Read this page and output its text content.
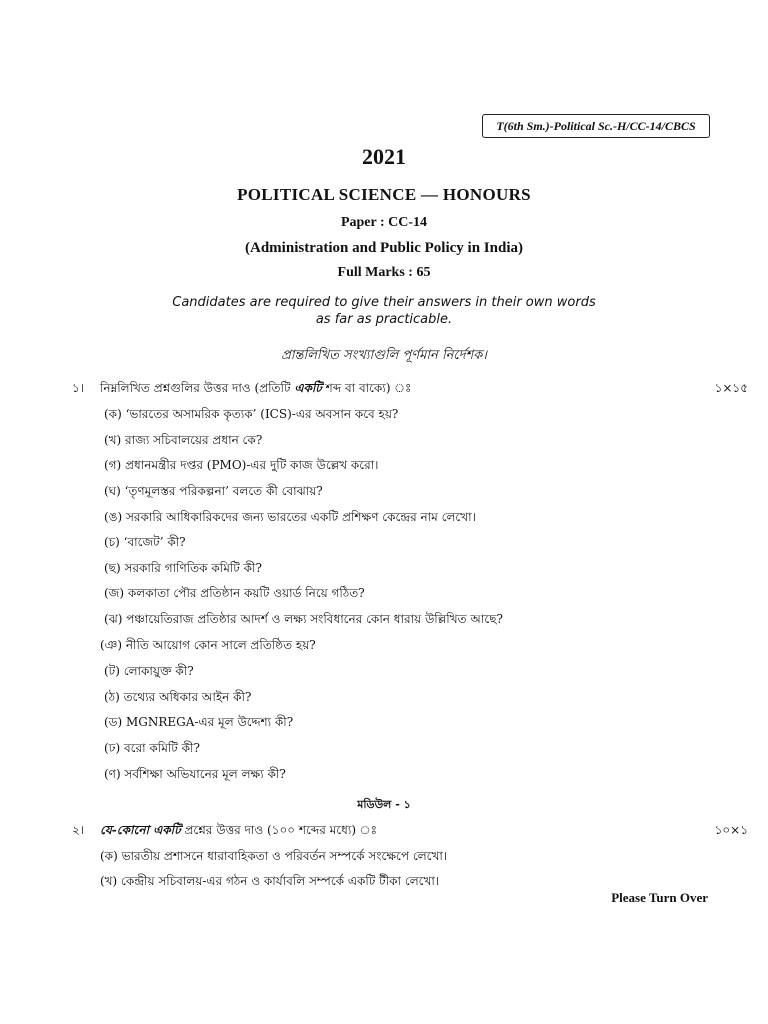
T(6th Sm.)-Political Sc.-H/CC-14/CBCS
2021
POLITICAL SCIENCE — HONOURS
Paper : CC-14
(Administration and Public Policy in India)
Full Marks : 65
Candidates are required to give their answers in their own words
as far as practicable.
প্রান্তলিখিত সংখ্যাগুলি পূর্ণমান নির্দেশক।
১। নিম্নলিখিত প্রশ্নগুলির উত্তর দাও (প্রতিটি একটি শব্দ বা বাক্যে) ঃ	১×১৫
(ক) ‘ভারতের অসামরিক কৃত্যক’ (ICS)-এর অবসান কবে হয়?
(খ) রাজ্য সচিবালয়ের প্রধান কে?
(গ) প্রধানমন্ত্রীর দপ্তর (PMO)-এর দুটি কাজ উল্লেখ করো।
(ঘ) ‘তৃণমূলস্তর পরিকল্পনা’ বলতে কী বোঝায়?
(ঙ) সরকারি আধিকারিকদের জন্য ভারতের একটি প্রশিক্ষণ কেন্দ্রের নাম লেখো।
(চ) ‘বাজেট’ কী?
(ছ) সরকারি গাণিতিক কমিটি কী?
(জ) কলকাতা পৌর প্রতিষ্ঠান কয়টি ওয়ার্ড নিয়ে গঠিত?
(ঝ) পঞ্চায়েতিরাজ প্রতিষ্ঠার আদর্শ ও লক্ষ্য সংবিধানের কোন ধারায় উল্লিখিত আছে?
(ঞ) নীতি আয়োগ কোন সালে প্রতিষ্ঠিত হয়?
(ট) লোকায়ুক্ত কী?
(ঠ) তথ্যের অধিকার আইন কী?
(ড) MGNREGA-এর মূল উদ্দেশ্য কী?
(ঢ) বরো কমিটি কী?
(ণ) সর্বশিক্ষা অভিযানের মূল লক্ষ্য কী?
মডিউল - ১
২। যে-কোনো একটি প্রশ্নের উত্তর দাও (১০০ শব্দের মধ্যে) ঃ	১০×১
(ক) ভারতীয় প্রশাসনে ধারাবাহিকতা ও পরিবর্তন সম্পর্কে সংক্ষেপে লেখো।
(খ) কেন্দ্রীয় সচিবালয়-এর গঠন ও কার্যাবলি সম্পর্কে একটি টীকা লেখো।
Please Turn Over
